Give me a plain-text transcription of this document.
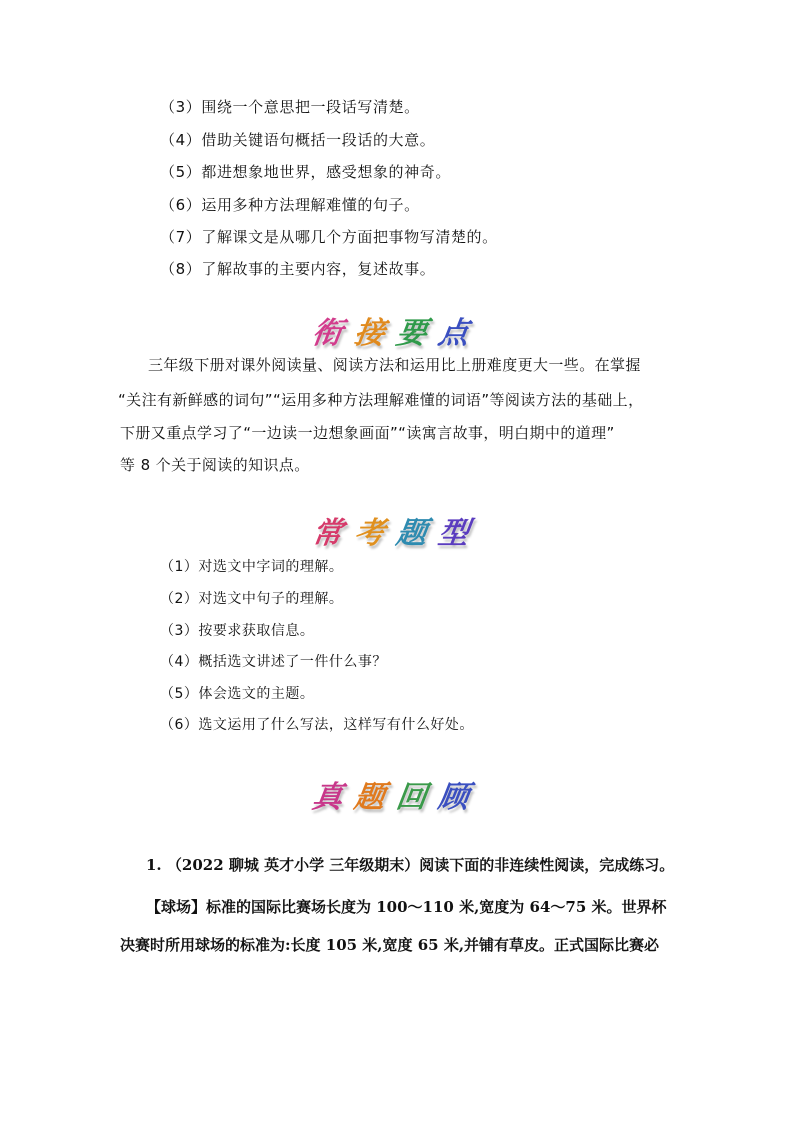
（3）围绕一个意思把一段话写清楚。
（4）借助关键语句概括一段话的大意。
（5）都进想象地世界，感受想象的神奇。
（6）运用多种方法理解难懂的句子。
（7）了解课文是从哪几个方面把事物写清楚的。
（8）了解故事的主要内容，复述故事。
衔接要点
三年级下册对课外阅读量、阅读方法和运用比上册难度更大一些。在掌握
“关注有新鲜感的词句”“运用多种方法理解难懂的词语”等阅读方法的基础上，
下册又重点学习了“一边读一边想象画面”“读寓言故事，明白期中的道理”
等 8 个关于阅读的知识点。
常考题型
（1）对选文中字词的理解。
（2）对选文中句子的理解。
（3）按要求获取信息。
（4）概括选文讲述了一件什么事？
（5）体会选文的主题。
（6）选文运用了什么写法，这样写有什么好处。
真题回顾
1. （2022 聊城 英才小学 三年级期末）阅读下面的非连续性阅读，完成练习。
【球场】标准的国际比赛场长度为 100～110 米,宽度为 64～75 米。世界杯
决赛时所用球场的标准为:长度 105 米,宽度 65 米,并铺有草皮。正式国际比赛必
